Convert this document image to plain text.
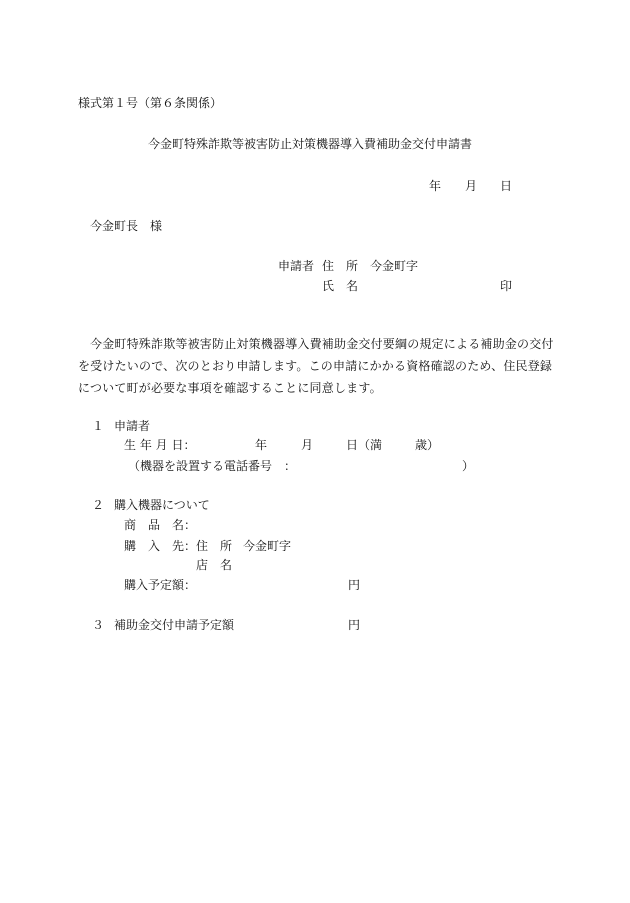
様式第１号（第６条関係）
今金町特殊詐欺等被害防止対策機器導入費補助金交付申請書
年 月 日
今金町長　様
申請者 住　所 今金町字
氏　名	印
今金町特殊詐欺等被害防止対策機器導入費補助金交付要綱の規定による補助金の交付を受けたいので、次のとおり申請します。この申請にかかる資格確認のため、住民登録について町が必要な事項を確認することに同意します。
１ 申請者
生 年 月 日：	年	月	日（満	歳）
（機器を設置する電話番号　：	）
２ 購入機器について
商　品　名：
購　入　先： 住　所 今金町字
店　名
購入予定額：	円
３ 補助金交付申請予定額	円
